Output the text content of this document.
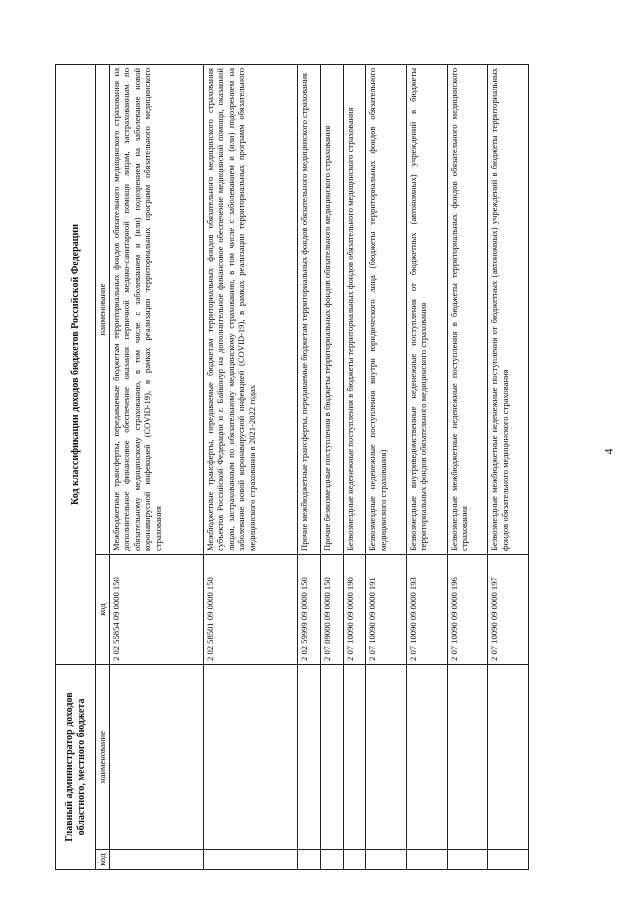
4
Главный администратор доходов областного, местного бюджета		Код классификации доходов бюджетов Российской Федерации	
код	наименование	код	наименование
		2 02 55854 09 0000 150	Межбюджетные трансферты, передаваемые бюджетам территориальных фондов обязательного медицинского страхования на дополнительное финансовое обеспечение оказания первичной медико-санитарной помощи лицам, застрахованным по обязательному медицинскому страхованию, в том числе с заболеванием и (или) подозрением на заболевание новой коронавирусной инфекцией (COVID-19), в рамках реализации территориальных программ обязательного медицинского страхования
		2 02 58501 09 0000 150	Межбюджетные трансферты, передаваемые бюджетам территориальных фондов обязательного медицинского страхования субъектов Российской Федерации и г. Байконур на дополнительное финансовое обеспечение медицинской помощи, оказанной лицам, застрахованным по обязательному медицинскому страхованию, в том числе с заболеванием и (или) подозрением на заболевание новой коронавирусной инфекцией (COVID-19), в рамках реализации территориальных программ обязательного медицинского страхования в 2021-2022 годах
		2 02 59999 09 0000 150	Прочие межбюджетные трансферты, передаваемые бюджетам территориальных фондов обязательного медицинского страхования
		2 07 09000 09 0000 150	Прочие безвозмездные поступления в бюджеты территориальных фондов обязательного медицинского страхования
		2 07 10090 09 0000 190	Безвозмездные неденежные поступления в бюджеты территориальных фондов обязательного медицинского страхования
		2 07 10090 09 0000 191	Безвозмездные неденежные поступления внутри юридического лица (бюджеты территориальных фондов обязательного медицинского страхования)
		2 07 10090 09 0000 193	Безвозмездные внутриведомственные неденежные поступления от бюджетных (автономных) учреждений в бюджеты территориальных фондов обязательного медицинского страхования
		2 07 10090 09 0000 196	Безвозмездные межбюджетные неденежные поступления в бюджеты территориальных фондов обязательного медицинского страхования
		2 07 10090 09 0000 197	Безвозмездные межбюджетные неденежные поступления от бюджетных (автономных) учреждений в бюджеты территориальных фондов обязательного медицинского страхования
